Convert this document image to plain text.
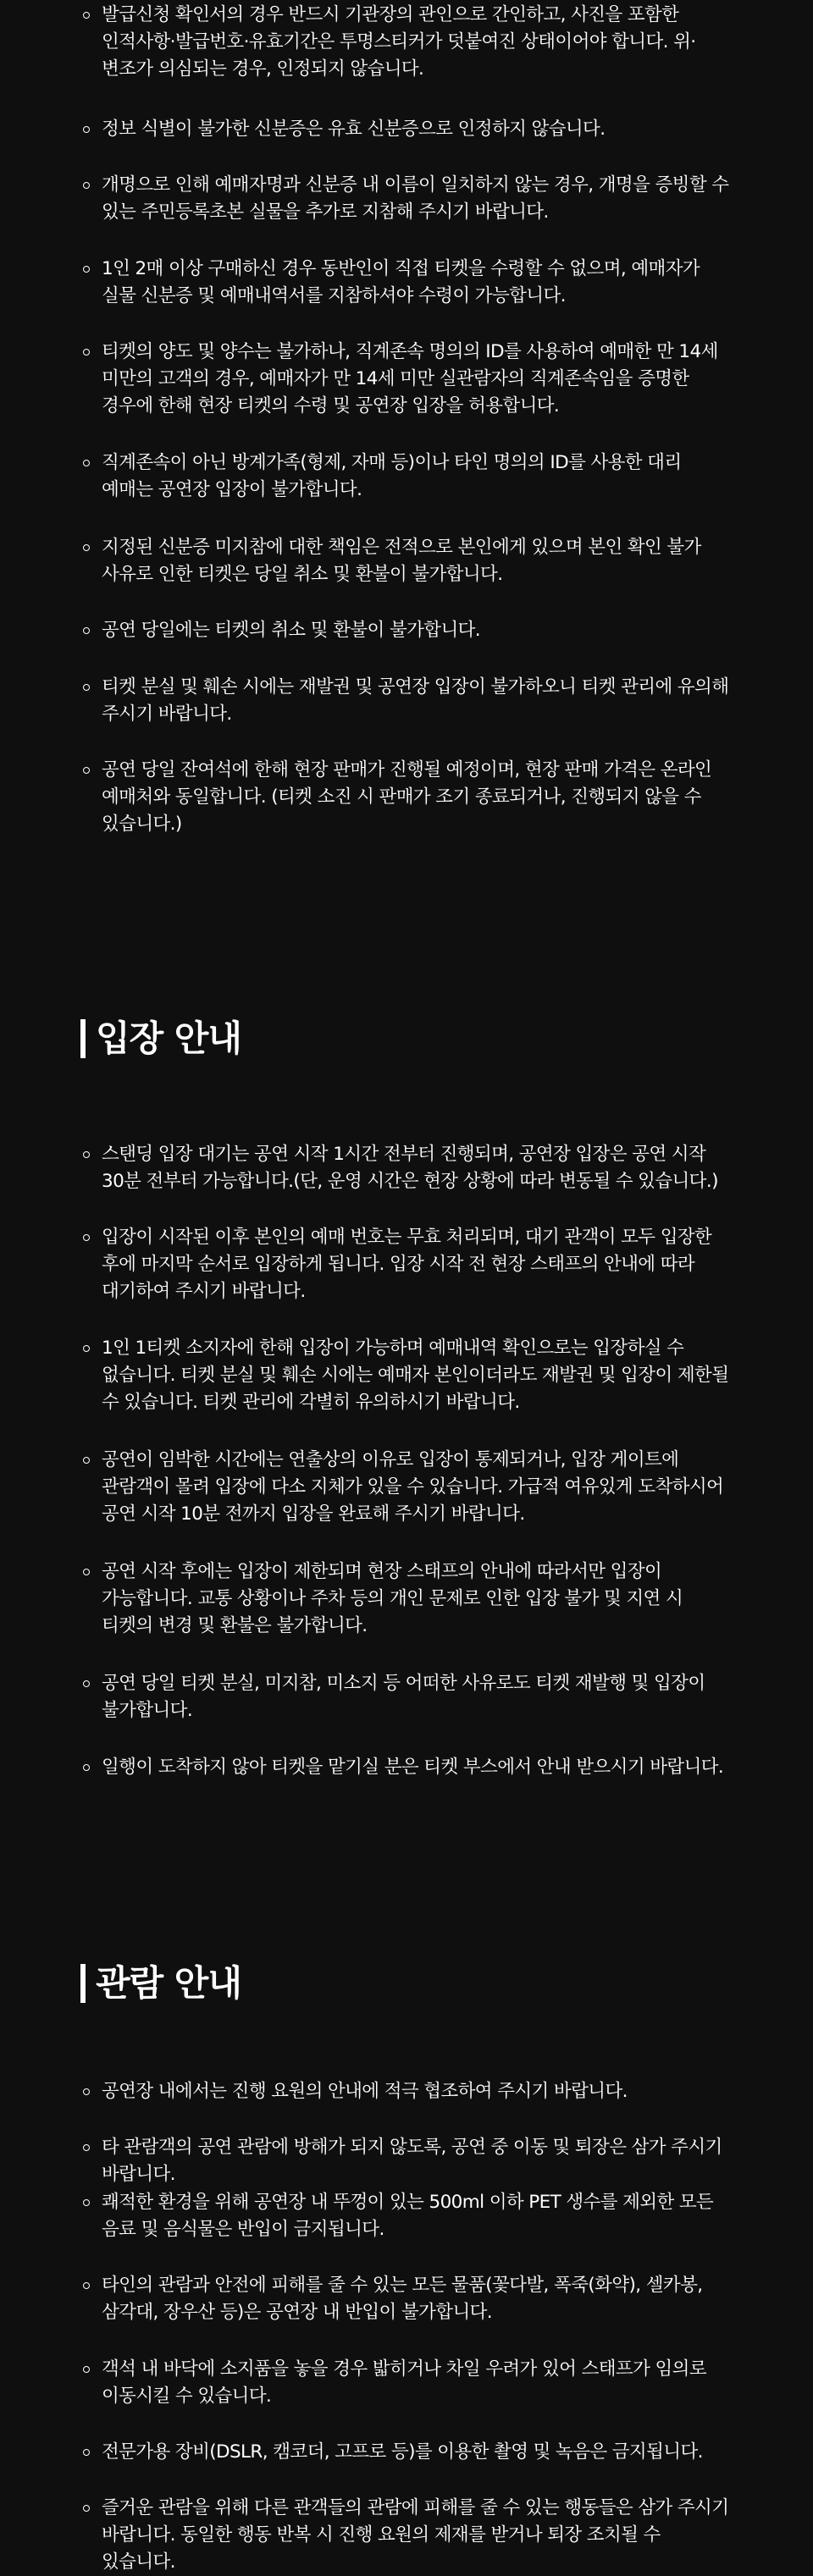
발급신청 확인서의 경우 반드시 기관장의 관인으로 간인하고, 사진을 포함한 인적사항·발급번호·유효기간은 투명스티커가 덧붙여진 상태이어야 합니다. 위·변조가 의심되는 경우, 인정되지 않습니다.
정보 식별이 불가한 신분증은 유효 신분증으로 인정하지 않습니다.
개명으로 인해 예매자명과 신분증 내 이름이 일치하지 않는 경우, 개명을 증빙할 수 있는 주민등록초본 실물을 추가로 지참해 주시기 바랍니다.
1인 2매 이상 구매하신 경우 동반인이 직접 티켓을 수령할 수 없으며, 예매자가 실물 신분증 및 예매내역서를 지참하셔야 수령이 가능합니다.
티켓의 양도 및 양수는 불가하나, 직계존속 명의의 ID를 사용하여 예매한 만 14세 미만의 고객의 경우, 예매자가 만 14세 미만 실관람자의 직계존속임을 증명한 경우에 한해 현장 티켓의 수령 및 공연장 입장을 허용합니다.
직계존속이 아닌 방계가족(형제, 자매 등)이나 타인 명의의 ID를 사용한 대리 예매는 공연장 입장이 불가합니다.
지정된 신분증 미지참에 대한 책임은 전적으로 본인에게 있으며 본인 확인 불가 사유로 인한 티켓은 당일 취소 및 환불이 불가합니다.
공연 당일에는 티켓의 취소 및 환불이 불가합니다.
티켓 분실 및 훼손 시에는 재발권 및 공연장 입장이 불가하오니 티켓 관리에 유의해 주시기 바랍니다.
공연 당일 잔여석에 한해 현장 판매가 진행될 예정이며, 현장 판매 가격은 온라인 예매처와 동일합니다. (티켓 소진 시 판매가 조기 종료되거나, 진행되지 않을 수 있습니다.)
입장 안내
스탠딩 입장 대기는 공연 시작 1시간 전부터 진행되며, 공연장 입장은 공연 시작 30분 전부터 가능합니다.(단, 운영 시간은 현장 상황에 따라 변동될 수 있습니다.)
입장이 시작된 이후 본인의 예매 번호는 무효 처리되며, 대기 관객이 모두 입장한 후에 마지막 순서로 입장하게 됩니다. 입장 시작 전 현장 스태프의 안내에 따라 대기하여 주시기 바랍니다.
1인 1티켓 소지자에 한해 입장이 가능하며 예매내역 확인으로는 입장하실 수 없습니다. 티켓 분실 및 훼손 시에는 예매자 본인이더라도 재발권 및 입장이 제한될 수 있습니다. 티켓 관리에 각별히 유의하시기 바랍니다.
공연이 임박한 시간에는 연출상의 이유로 입장이 통제되거나, 입장 게이트에 관람객이 몰려 입장에 다소 지체가 있을 수 있습니다. 가급적 여유있게 도착하시어 공연 시작 10분 전까지 입장을 완료해 주시기 바랍니다.
공연 시작 후에는 입장이 제한되며 현장 스태프의 안내에 따라서만 입장이 가능합니다. 교통 상황이나 주차 등의 개인 문제로 인한 입장 불가 및 지연 시 티켓의 변경 및 환불은 불가합니다.
공연 당일 티켓 분실, 미지참, 미소지 등 어떠한 사유로도 티켓 재발행 및 입장이 불가합니다.
일행이 도착하지 않아 티켓을 맡기실 분은 티켓 부스에서 안내 받으시기 바랍니다.
관람 안내
공연장 내에서는 진행 요원의 안내에 적극 협조하여 주시기 바랍니다.
타 관람객의 공연 관람에 방해가 되지 않도록, 공연 중 이동 및 퇴장은 삼가 주시기 바랍니다.
쾌적한 환경을 위해 공연장 내 뚜껑이 있는 500ml 이하 PET 생수를 제외한 모든 음료 및 음식물은 반입이 금지됩니다.
타인의 관람과 안전에 피해를 줄 수 있는 모든 물품(꽃다발, 폭죽(화약), 셀카봉, 삼각대, 장우산 등)은 공연장 내 반입이 불가합니다.
객석 내 바닥에 소지품을 놓을 경우 밟히거나 차일 우려가 있어 스태프가 임의로 이동시킬 수 있습니다.
전문가용 장비(DSLR, 캠코더, 고프로 등)를 이용한 촬영 및 녹음은 금지됩니다.
즐거운 관람을 위해 다른 관객들의 관람에 피해를 줄 수 있는 행동들은 삼가 주시기 바랍니다. 동일한 행동 반복 시 진행 요원의 제재를 받거나 퇴장 조치될 수 있습니다.
